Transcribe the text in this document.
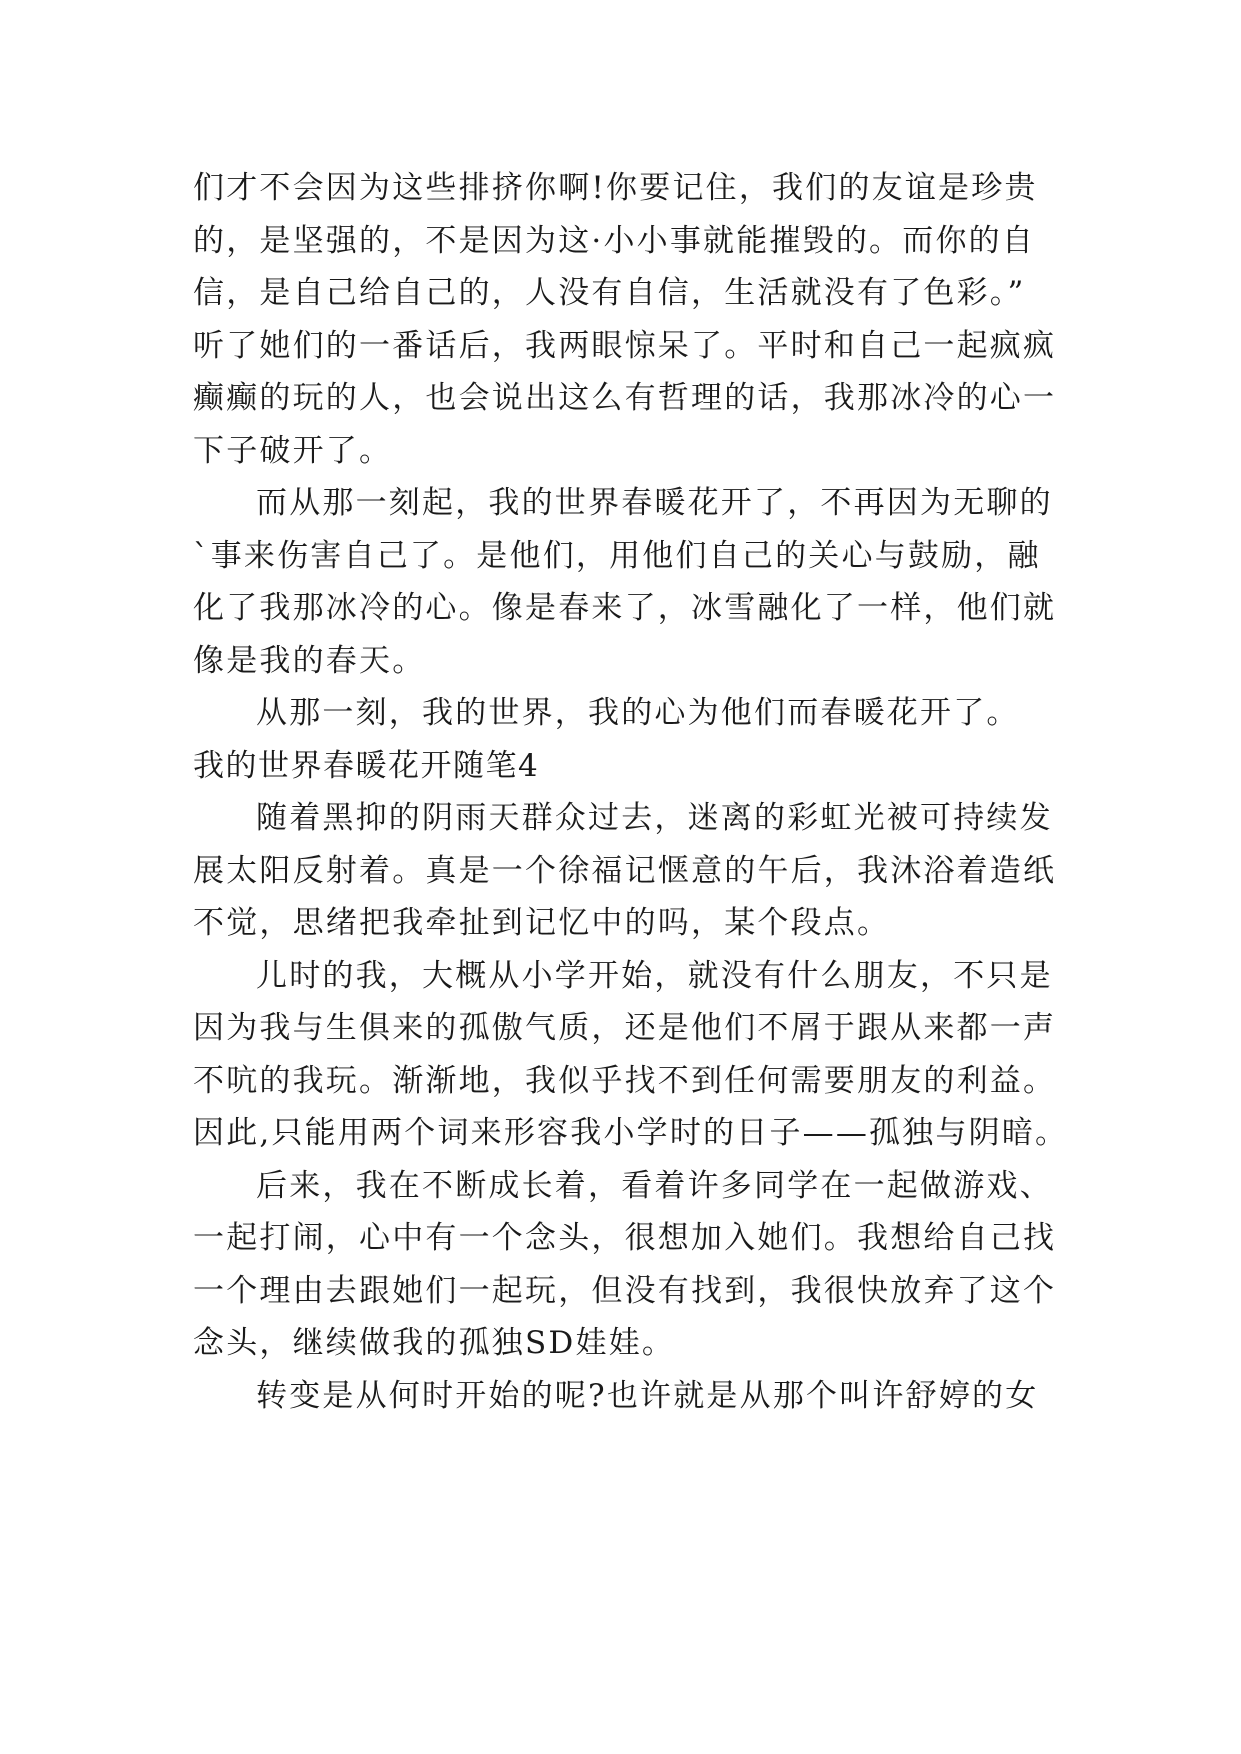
们才不会因为这些排挤你啊!你要记住，我们的友谊是珍贵
的，是坚强的，不是因为这·小小事就能摧毁的。而你的自
信，是自己给自己的，人没有自信，生活就没有了色彩。”
听了她们的一番话后，我两眼惊呆了。平时和自己一起疯疯
癫癫的玩的人，也会说出这么有哲理的话，我那冰冷的心一
下子破开了。
而从那一刻起，我的世界春暖花开了，不再因为无聊的
`事来伤害自己了。是他们，用他们自己的关心与鼓励，融
化了我那冰冷的心。像是春来了，冰雪融化了一样，他们就
像是我的春天。
从那一刻，我的世界，我的心为他们而春暖花开了。
我的世界春暖花开随笔4
随着黑抑的阴雨天群众过去，迷离的彩虹光被可持续发
展太阳反射着。真是一个徐福记惬意的午后，我沐浴着造纸
不觉，思绪把我牵扯到记忆中的吗，某个段点。
儿时的我，大概从小学开始，就没有什么朋友，不只是
因为我与生俱来的孤傲气质，还是他们不屑于跟从来都一声
不吭的我玩。渐渐地，我似乎找不到任何需要朋友的利益。
因此,只能用两个词来形容我小学时的日子——孤独与阴暗。
后来，我在不断成长着，看着许多同学在一起做游戏、
一起打闹，心中有一个念头，很想加入她们。我想给自己找
一个理由去跟她们一起玩，但没有找到，我很快放弃了这个
念头，继续做我的孤独SD娃娃。
转变是从何时开始的呢?也许就是从那个叫许舒婷的女
